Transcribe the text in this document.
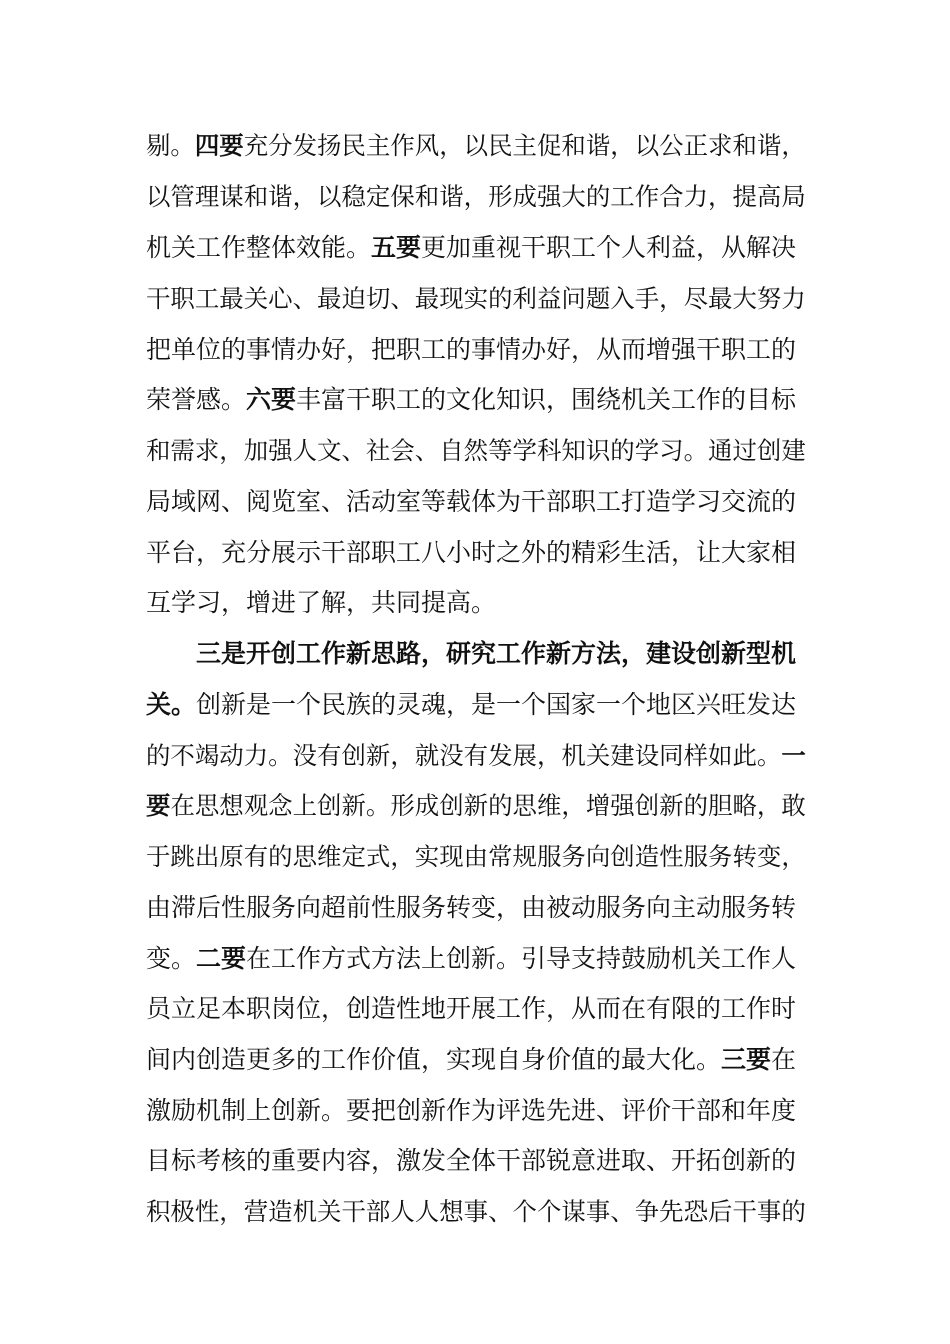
剔。四要充分发扬民主作风，以民主促和谐，以公正求和谐，
以管理谋和谐，以稳定保和谐，形成强大的工作合力，提高局
机关工作整体效能。五要更加重视干职工个人利益，从解决
干职工最关心、最迫切、最现实的利益问题入手，尽最大努力
把单位的事情办好，把职工的事情办好，从而增强干职工的
荣誉感。六要丰富干职工的文化知识，围绕机关工作的目标
和需求，加强人文、社会、自然等学科知识的学习。通过创建
局域网、阅览室、活动室等载体为干部职工打造学习交流的
平台，充分展示干部职工八小时之外的精彩生活，让大家相
互学习，增进了解，共同提高。
三是开创工作新思路，研究工作新方法，建设创新型机
关。创新是一个民族的灵魂，是一个国家一个地区兴旺发达
的不竭动力。没有创新，就没有发展，机关建设同样如此。一
要在思想观念上创新。形成创新的思维，增强创新的胆略，敢
于跳出原有的思维定式，实现由常规服务向创造性服务转变，
由滞后性服务向超前性服务转变，由被动服务向主动服务转
变。二要在工作方式方法上创新。引导支持鼓励机关工作人
员立足本职岗位，创造性地开展工作，从而在有限的工作时
间内创造更多的工作价值，实现自身价值的最大化。三要在
激励机制上创新。要把创新作为评选先进、评价干部和年度
目标考核的重要内容，激发全体干部锐意进取、开拓创新的
积极性，营造机关干部人人想事、个个谋事、争先恐后干事的
